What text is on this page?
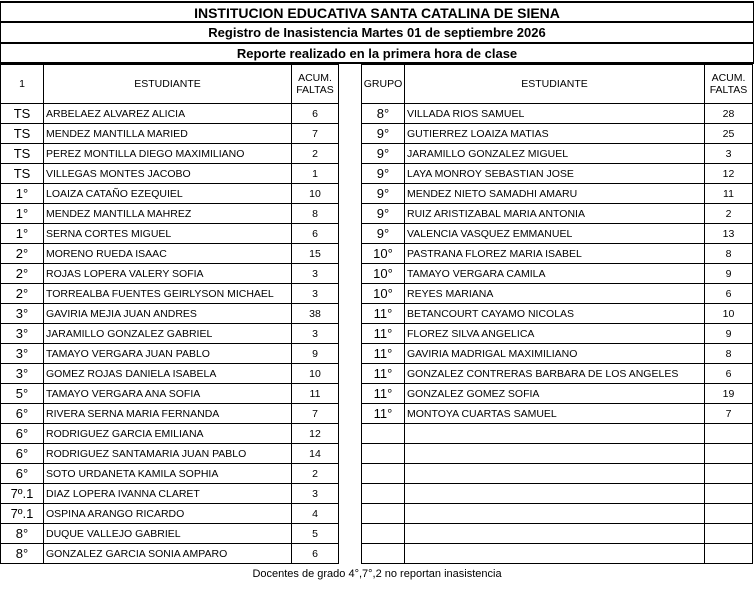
INSTITUCION EDUCATIVA SANTA CATALINA DE SIENA
Registro de Inasistencia Martes 01 de septiembre 2026
Reporte realizado en la primera hora de clase
1	ESTUDIANTE	ACUM.
FALTAS
TS	ARBELAEZ ALVAREZ ALICIA	6
TS	MENDEZ MANTILLA MARIED	7
TS	PEREZ MONTILLA DIEGO MAXIMILIANO	2
TS	VILLEGAS MONTES JACOBO	1
1°	LOAIZA CATAÑO EZEQUIEL	10
1°	MENDEZ MANTILLA MAHREZ	8
1°	SERNA CORTES MIGUEL	6
2°	MORENO RUEDA ISAAC	15
2°	ROJAS LOPERA VALERY SOFIA	3
2°	TORREALBA FUENTES GEIRLYSON MICHAEL	3
3°	GAVIRIA MEJIA JUAN ANDRES	38
3°	JARAMILLO GONZALEZ GABRIEL	3
3°	TAMAYO VERGARA JUAN PABLO	9
3°	GOMEZ ROJAS DANIELA ISABELA	10
5°	TAMAYO VERGARA ANA SOFIA	11
6°	RIVERA SERNA MARIA FERNANDA	7
6°	RODRIGUEZ GARCIA EMILIANA	12
6°	RODRIGUEZ SANTAMARIA JUAN PABLO	14
6°	SOTO URDANETA KAMILA SOPHIA	2
7º.1	DIAZ LOPERA IVANNA CLARET	3
7º.1	OSPINA ARANGO RICARDO	4
8°	DUQUE VALLEJO GABRIEL	5
8°	GONZALEZ GARCIA SONIA AMPARO	6
GRUPO	ESTUDIANTE	ACUM.
FALTAS
8°	VILLADA RIOS SAMUEL	28
9°	GUTIERREZ LOAIZA MATIAS	25
9°	JARAMILLO GONZALEZ MIGUEL	3
9°	LAYA MONROY SEBASTIAN JOSE	12
9°	MENDEZ NIETO SAMADHI AMARU	11
9°	RUIZ ARISTIZABAL MARIA ANTONIA	2
9°	VALENCIA VASQUEZ EMMANUEL	13
10°	PASTRANA FLOREZ MARIA ISABEL	8
10°	TAMAYO VERGARA CAMILA	9
10°	REYES MARIANA	6
11°	BETANCOURT CAYAMO NICOLAS	10
11°	FLOREZ SILVA ANGELICA	9
11°	GAVIRIA MADRIGAL MAXIMILIANO	8
11°	GONZALEZ CONTRERAS BARBARA DE LOS ANGELES	6
11°	GONZALEZ GOMEZ SOFIA	19
11°	MONTOYA CUARTAS SAMUEL	7

Docentes de grado 4°,7°,2 no reportan inasistencia
